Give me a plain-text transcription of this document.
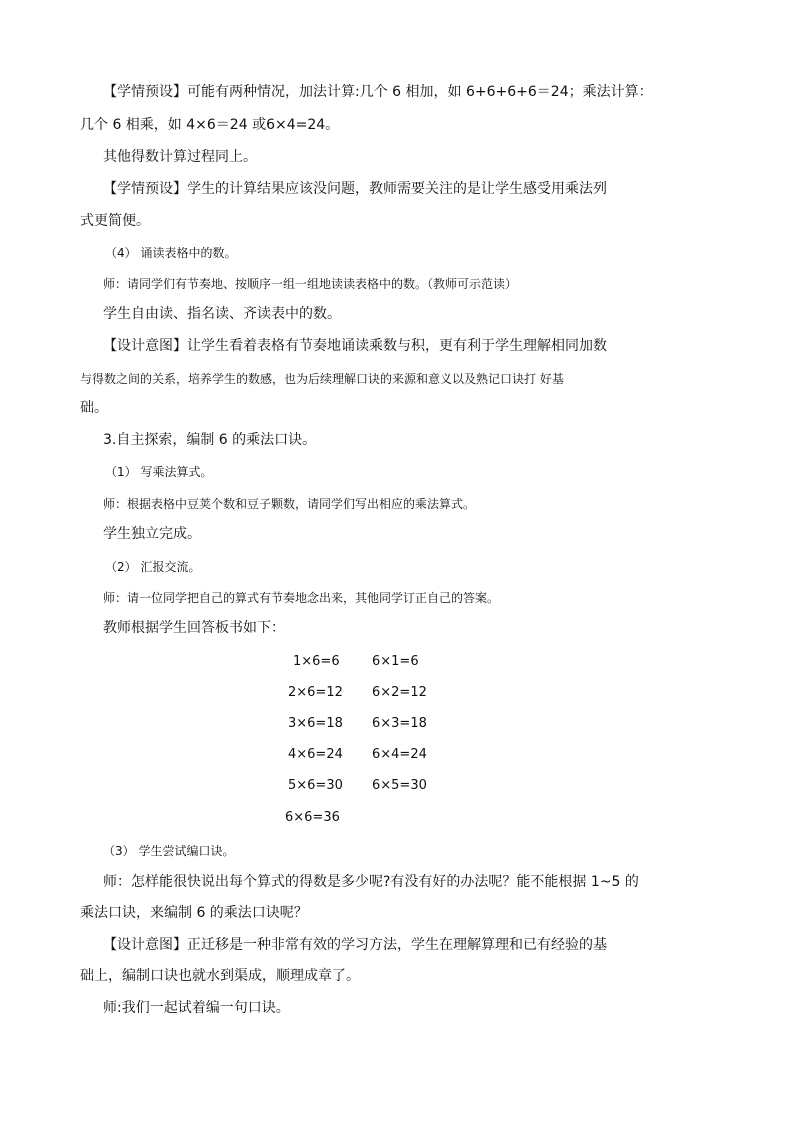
【学情预设】可能有两种情况，加法计算:几个 6 相加，如 6+6+6+6＝24；乘法计算：
几个 6 相乘，如 4×6＝24 或6×4=24。
其他得数计算过程同上。
【学情预设】学生的计算结果应该没问题，教师需要关注的是让学生感受用乘法列
式更简便。
（4） 诵读表格中的数。
师：请同学们有节奏地、按顺序一组一组地读读表格中的数。（教师可示范读）
学生自由读、指名读、齐读表中的数。
【设计意图】让学生看着表格有节奏地诵读乘数与积，更有利于学生理解相同加数
与得数之间的关系，培养学生的数感，也为后续理解口诀的来源和意义以及熟记口诀打 好基
础。
3.自主探索，编制 6 的乘法口诀。
（1） 写乘法算式。
师：根据表格中豆荚个数和豆子颗数，请同学们写出相应的乘法算式。
学生独立完成。
（2） 汇报交流。
师：请一位同学把自己的算式有节奏地念出来，其他同学订正自己的答案。
教师根据学生回答板书如下：
1×6=6 6×1=6
2×6=12 6×2=12
3×6=18 6×3=18
4×6=24 6×4=24
5×6=30 6×5=30
6×6=36
（3） 学生尝试编口诀。
师：怎样能很快说出每个算式的得数是多少呢?有没有好的办法呢？能不能根据 1~5 的
乘法口诀，来编制 6 的乘法口诀呢？
【设计意图】正迁移是一种非常有效的学习方法，学生在理解算理和已有经验的基
础上，编制口诀也就水到渠成，顺理成章了。
师:我们一起试着编一句口诀。
